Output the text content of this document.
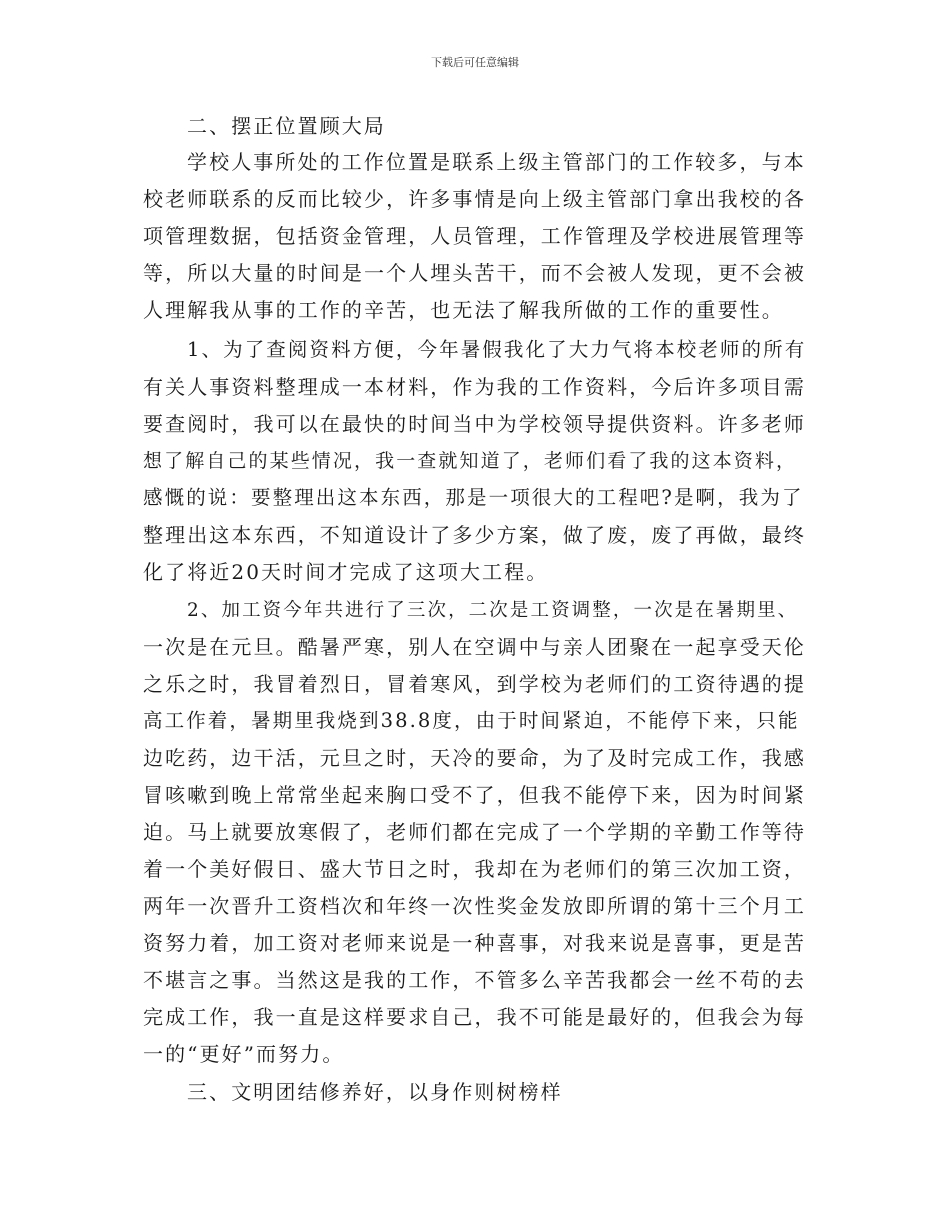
下载后可任意编辑
二、摆正位置顾大局
学校人事所处的工作位置是联系上级主管部门的工作较多，与本
校老师联系的反而比较少，许多事情是向上级主管部门拿出我校的各
项管理数据，包括资金管理，人员管理，工作管理及学校进展管理等
等，所以大量的时间是一个人埋头苦干，而不会被人发现，更不会被
人理解我从事的工作的辛苦，也无法了解我所做的工作的重要性。
1、为了查阅资料方便，今年暑假我化了大力气将本校老师的所有
有关人事资料整理成一本材料，作为我的工作资料，今后许多项目需
要查阅时，我可以在最快的时间当中为学校领导提供资料。许多老师
想了解自己的某些情况，我一查就知道了，老师们看了我的这本资料，
感慨的说：要整理出这本东西，那是一项很大的工程吧?是啊，我为了
整理出这本东西，不知道设计了多少方案，做了废，废了再做，最终
化了将近20天时间才完成了这项大工程。
2、加工资今年共进行了三次，二次是工资调整，一次是在暑期里、
一次是在元旦。酷暑严寒，别人在空调中与亲人团聚在一起享受天伦
之乐之时，我冒着烈日，冒着寒风，到学校为老师们的工资待遇的提
高工作着，暑期里我烧到38.8度，由于时间紧迫，不能停下来，只能
边吃药，边干活，元旦之时，天冷的要命，为了及时完成工作，我感
冒咳嗽到晚上常常坐起来胸口受不了，但我不能停下来，因为时间紧
迫。马上就要放寒假了，老师们都在完成了一个学期的辛勤工作等待
着一个美好假日、盛大节日之时，我却在为老师们的第三次加工资，
两年一次晋升工资档次和年终一次性奖金发放即所谓的第十三个月工
资努力着，加工资对老师来说是一种喜事，对我来说是喜事，更是苦
不堪言之事。当然这是我的工作，不管多么辛苦我都会一丝不苟的去
完成工作，我一直是这样要求自己，我不可能是最好的，但我会为每
一的“更好”而努力。
三、文明团结修养好，以身作则树榜样
